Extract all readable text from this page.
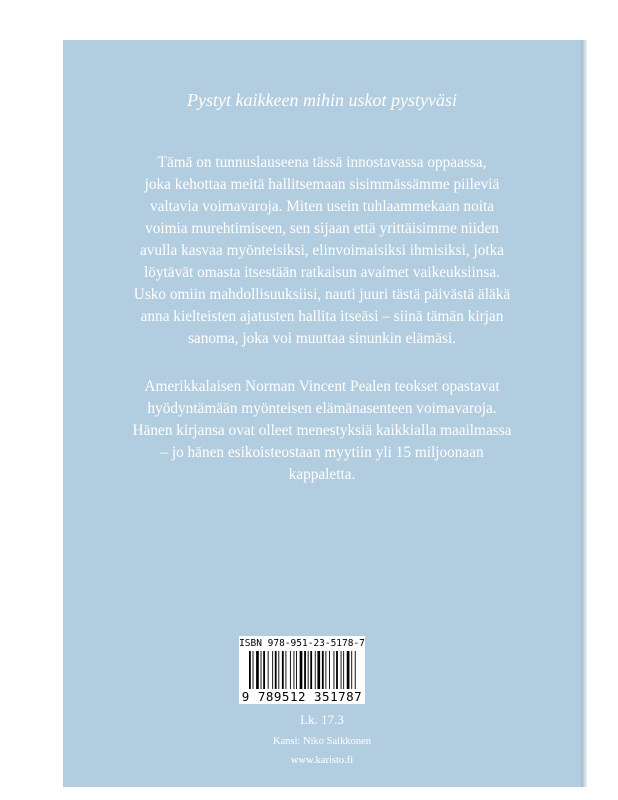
Pystyt kaikkeen mihin uskot pystyväsi

Tämä on tunnuslauseena tässä innostavassa oppaassa,
joka kehottaa meitä hallitsemaan sisimmässämme piileviä
valtavia voimavaroja. Miten usein tuhlaammekaan noita
voimia murehtimiseen, sen sijaan että yrittäisimme niiden
avulla kasvaa myönteisiksi, elinvoimaisiksi ihmisiksi, jotka
löytävät omasta itsestään ratkaisun avaimet vaikeuksiinsa.
Usko omiin mahdollisuuksiisi, nauti juuri tästä päivästä äläkä
anna kielteisten ajatusten hallita itseäsi – siinä tämän kirjan
sanoma, joka voi muuttaa sinunkin elämäsi.

Amerikkalaisen Norman Vincent Pealen teokset opastavat
hyödyntämään myönteisen elämänasenteen voimavaroja.
Hänen kirjansa ovat olleet menestyksiä kaikkialla maailmassa
– jo hänen esikoisteostaan myytiin yli 15 miljoonaan
kappaletta.

ISBN 978-951-23-5178-7
9 789512 351787
Lk. 17.3
Kansi: Niko Saikkonen
www.karisto.fi
